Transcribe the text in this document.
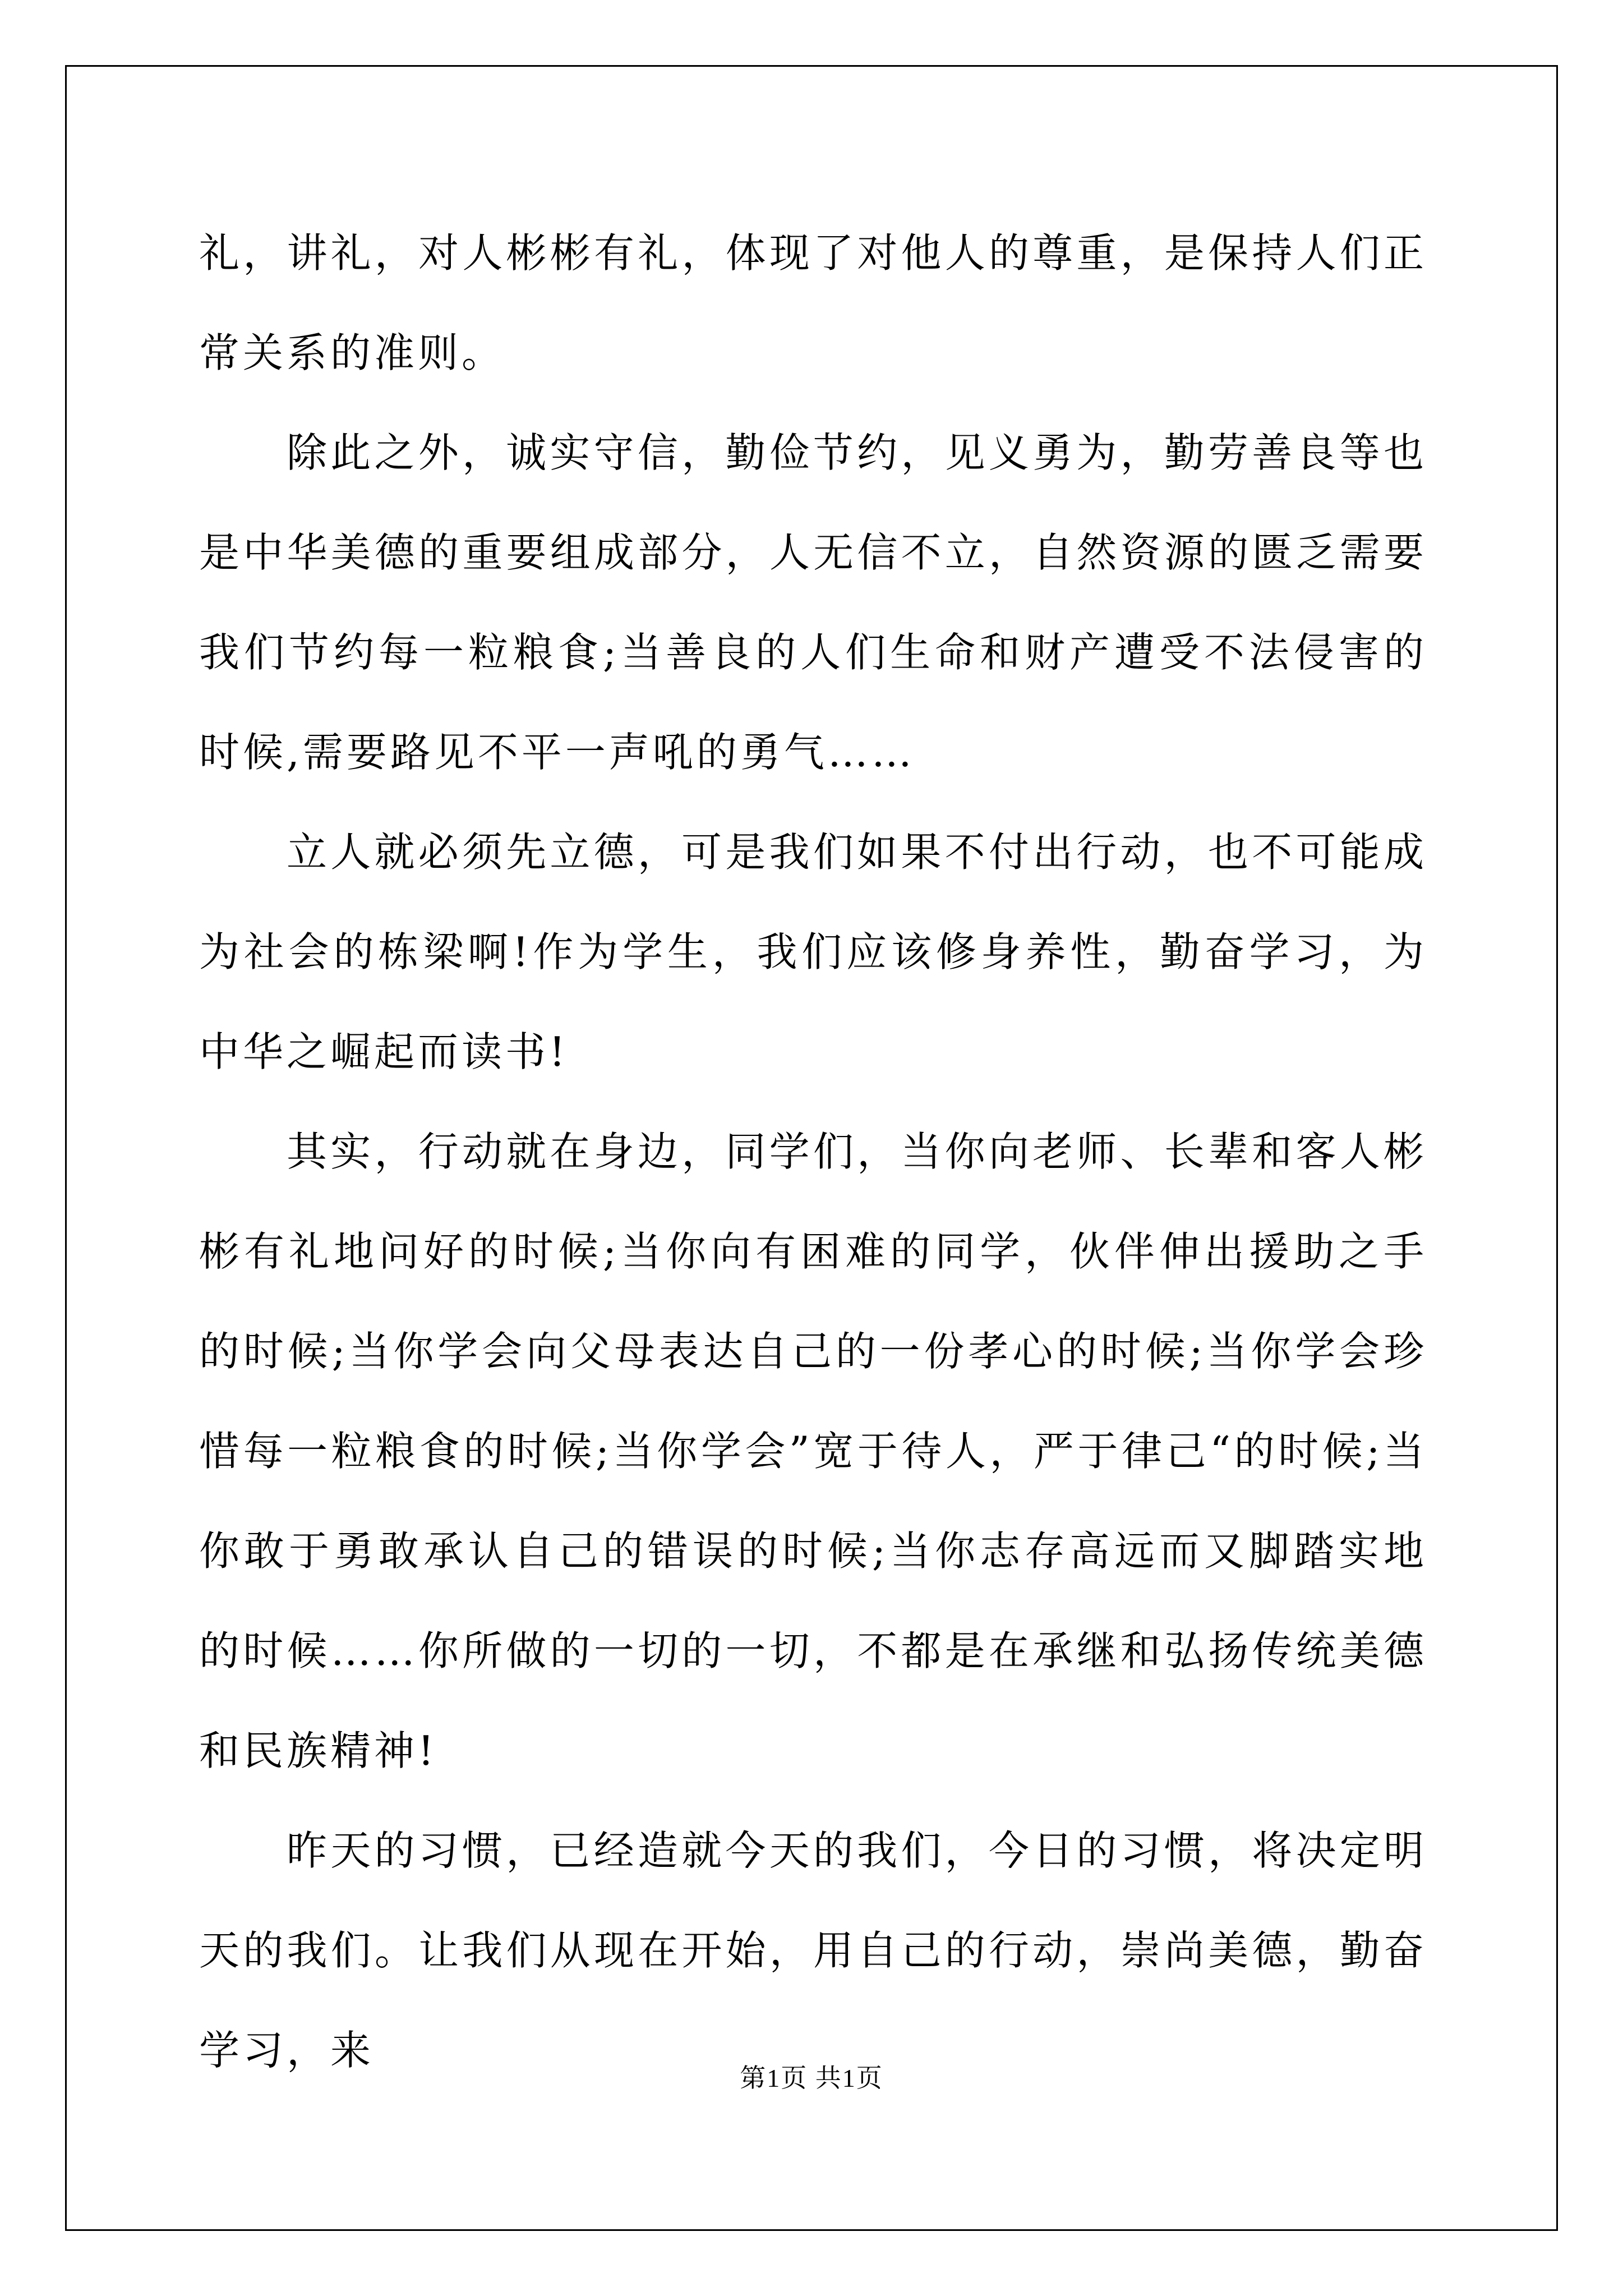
礼，讲礼，对人彬彬有礼，体现了对他人的尊重，是保持人们正常关系的准则。

除此之外，诚实守信，勤俭节约，见义勇为，勤劳善良等也是中华美德的重要组成部分，人无信不立，自然资源的匮乏需要我们节约每一粒粮食;当善良的人们生命和财产遭受不法侵害的时候,需要路见不平一声吼的勇气……

立人就必须先立德，可是我们如果不付出行动，也不可能成为社会的栋梁啊!作为学生，我们应该修身养性，勤奋学习，为中华之崛起而读书!

其实，行动就在身边，同学们，当你向老师、长辈和客人彬彬有礼地问好的时候;当你向有困难的同学，伙伴伸出援助之手的时候;当你学会向父母表达自己的一份孝心的时候;当你学会珍惜每一粒粮食的时候;当你学会”宽于待人，严于律己“的时候;当你敢于勇敢承认自己的错误的时候;当你志存高远而又脚踏实地的时候……你所做的一切的一切，不都是在承继和弘扬传统美德和民族精神!

昨天的习惯，已经造就今天的我们，今日的习惯，将决定明天的我们。让我们从现在开始，用自己的行动，崇尚美德，勤奋学习，来

第1页 共1页
